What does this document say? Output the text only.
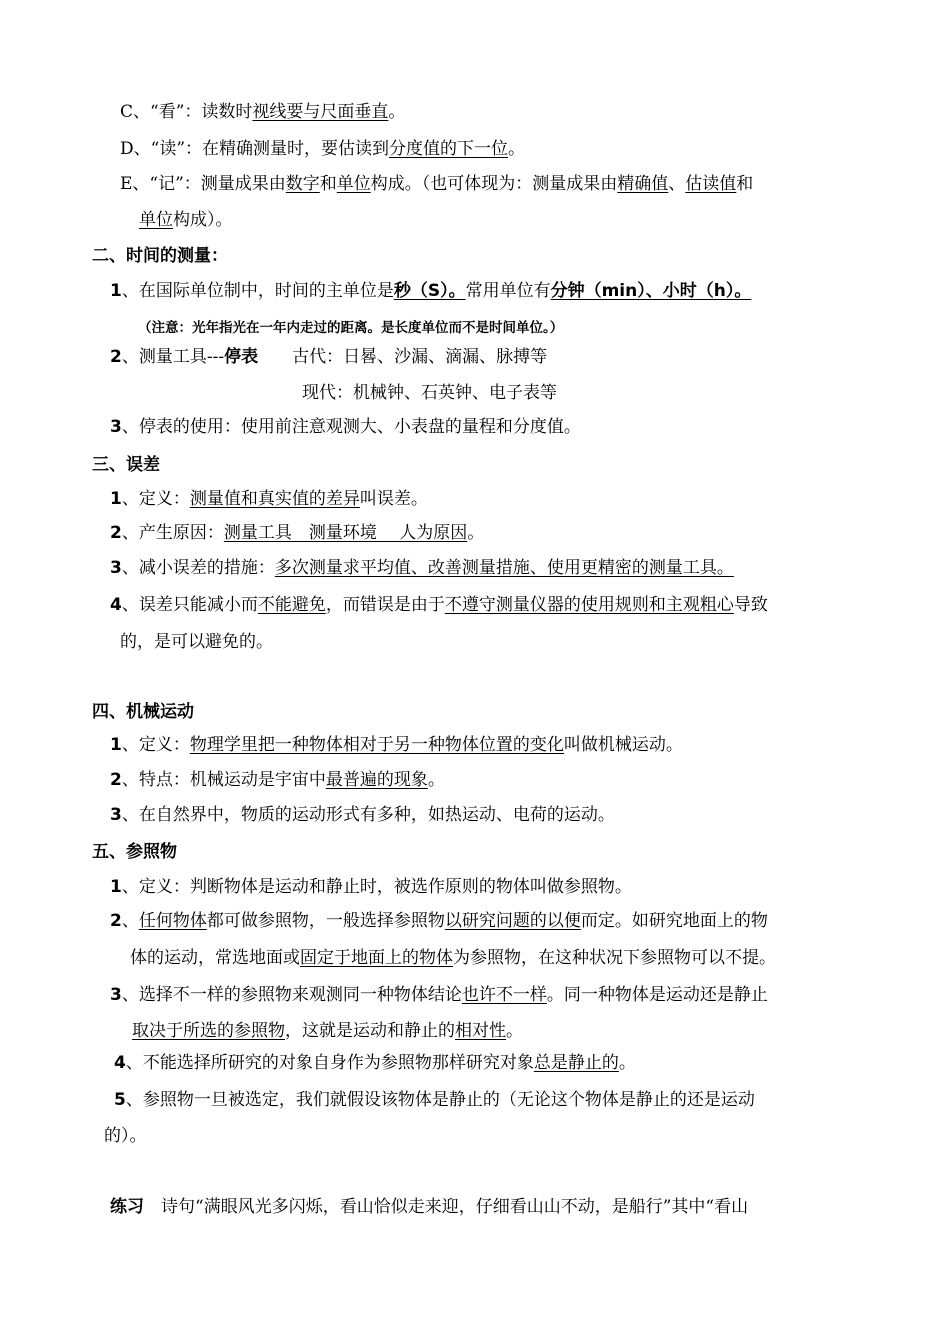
C、“看”：读数时视线要与尺面垂直。
D、“读”：在精确测量时，要估读到分度值的下一位。
E、“记”：测量成果由数字和单位构成。（也可体现为：测量成果由精确值、估读值和
单位构成）。
二、时间的测量：
1、在国际单位制中，时间的主单位是秒（S）。常用单位有分钟（min）、小时（h）。
（注意：光年指光在一年内走过的距离。是长度单位而不是时间单位。）
2、测量工具---停表　　古代：日晷、沙漏、滴漏、脉搏等
现代：机械钟、石英钟、电子表等
3、停表的使用：使用前注意观测大、小表盘的量程和分度值。
三、误差
1、定义：测量值和真实值的差异叫误差。
2、产生原因：测量工具　测量环境　 人为原因。
3、减小误差的措施：多次测量求平均值、改善测量措施、使用更精密的测量工具。
4、误差只能减小而不能避免，而错误是由于不遵守测量仪器的使用规则和主观粗心导致
的，是可以避免的。
四、机械运动
1、定义：物理学里把一种物体相对于另一种物体位置的变化叫做机械运动。
2、特点：机械运动是宇宙中最普遍的现象。
3、在自然界中，物质的运动形式有多种，如热运动、电荷的运动。
五、参照物
1、定义：判断物体是运动和静止时，被选作原则的物体叫做参照物。
2、任何物体都可做参照物，一般选择参照物以研究问题的以便而定。如研究地面上的物
体的运动，常选地面或固定于地面上的物体为参照物，在这种状况下参照物可以不提。
3、选择不一样的参照物来观测同一种物体结论也许不一样。同一种物体是运动还是静止
取决于所选的参照物，这就是运动和静止的相对性。
4、不能选择所研究的对象自身作为参照物那样研究对象总是静止的。
5、参照物一旦被选定，我们就假设该物体是静止的（无论这个物体是静止的还是运动
的）。
练习　诗句“满眼风光多闪烁，看山恰似走来迎，仔细看山山不动，是船行”其中“看山
